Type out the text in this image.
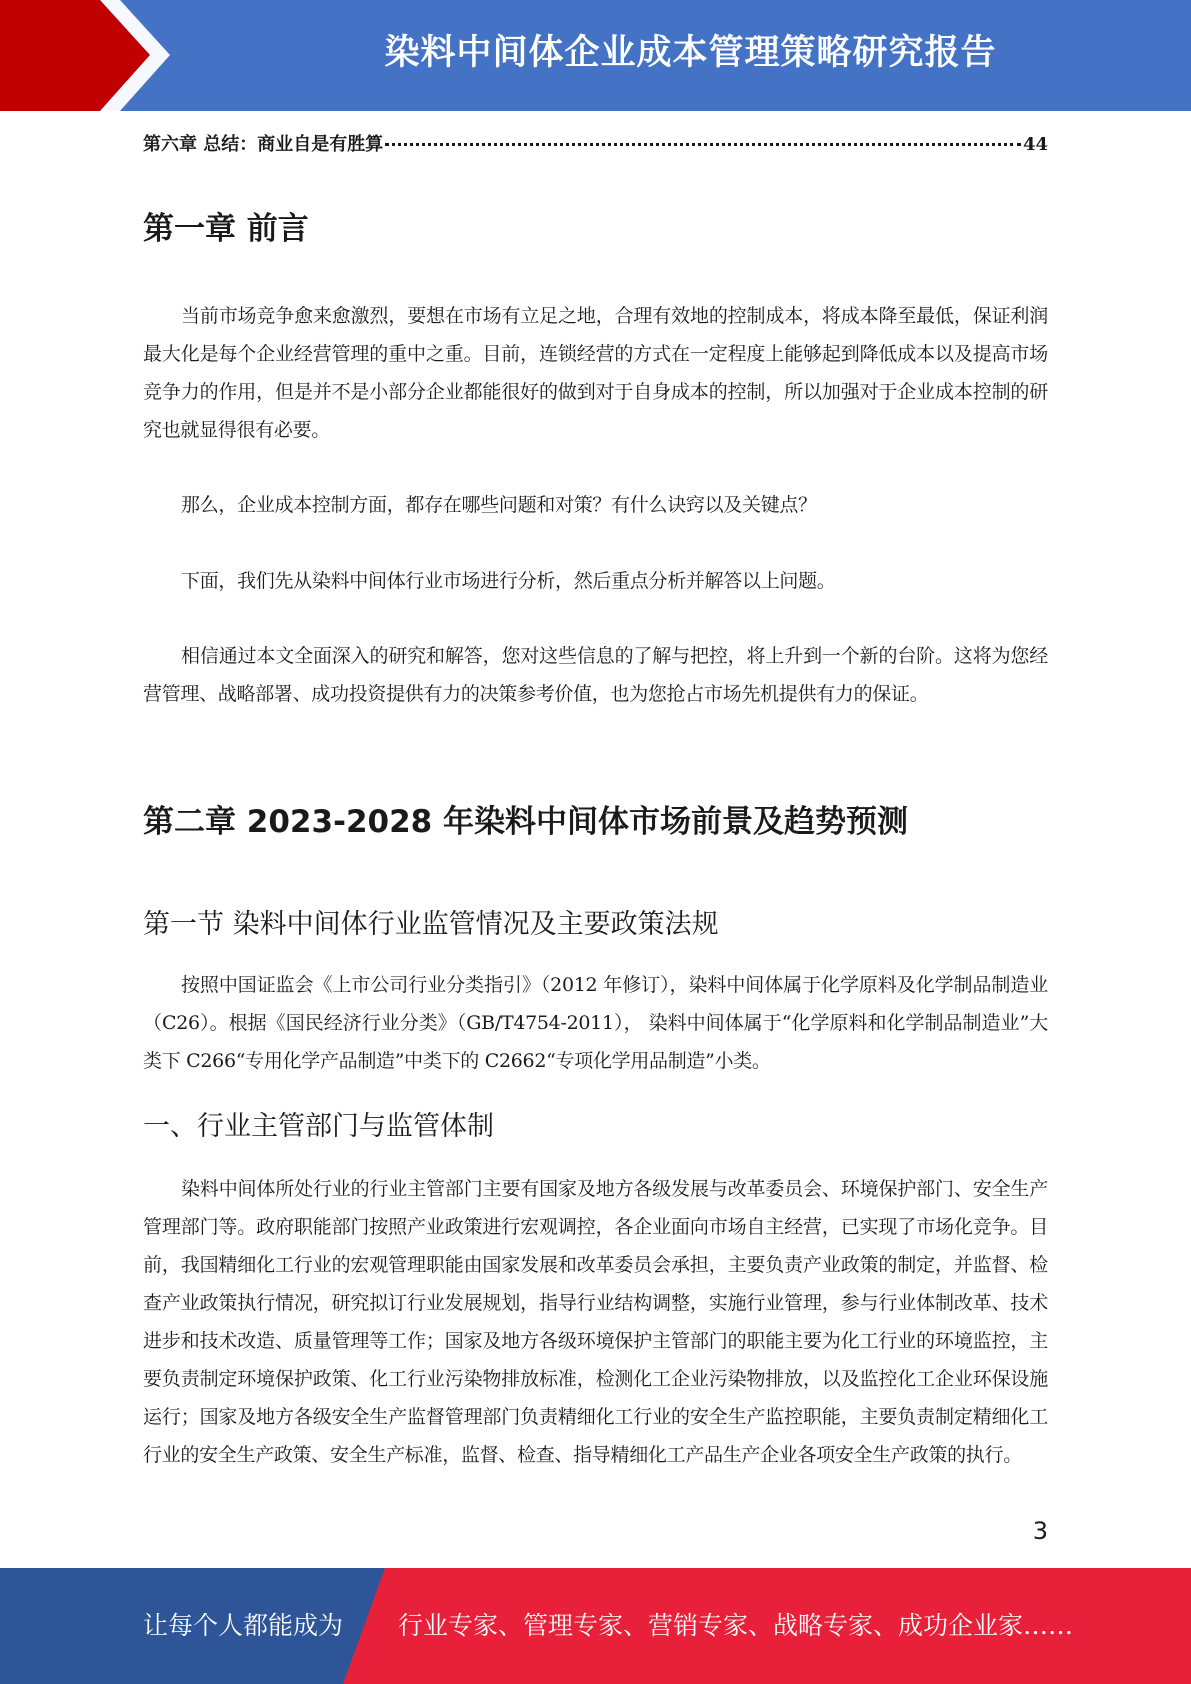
染料中间体企业成本管理策略研究报告
第六章 总结：商业自是有胜算	44
第一章 前言

当前市场竞争愈来愈激烈，要想在市场有立足之地，合理有效地的控制成本，将成本降至最低，保证利润最大化是每个企业经营管理的重中之重。目前，连锁经营的方式在一定程度上能够起到降低成本以及提高市场竞争力的作用，但是并不是小部分企业都能很好的做到对于自身成本的控制，所以加强对于企业成本控制的研究也就显得很有必要。

那么，企业成本控制方面，都存在哪些问题和对策？有什么诀窍以及关键点？

下面，我们先从染料中间体行业市场进行分析，然后重点分析并解答以上问题。

相信通过本文全面深入的研究和解答，您对这些信息的了解与把控，将上升到一个新的台阶。这将为您经营管理、战略部署、成功投资提供有力的决策参考价值，也为您抢占市场先机提供有力的保证。

第二章 2023-2028 年染料中间体市场前景及趋势预测
第一节 染料中间体行业监管情况及主要政策法规

按照中国证监会《上市公司行业分类指引》（2012 年修订），染料中间体属于化学原料及化学制品制造业（C26）。根据《国民经济行业分类》（GB/T4754-2011）， 染料中间体属于“化学原料和化学制品制造业”大类下 C266“专用化学产品制造”中类下的 C2662“专项化学用品制造”小类。

一、行业主管部门与监管体制

染料中间体所处行业的行业主管部门主要有国家及地方各级发展与改革委员会、环境保护部门、安全生产管理部门等。政府职能部门按照产业政策进行宏观调控，各企业面向市场自主经营，已实现了市场化竞争。目前，我国精细化工行业的宏观管理职能由国家发展和改革委员会承担，主要负责产业政策的制定，并监督、检查产业政策执行情况，研究拟订行业发展规划，指导行业结构调整，实施行业管理，参与行业体制改革、技术进步和技术改造、质量管理等工作；国家及地方各级环境保护主管部门的职能主要为化工行业的环境监控，主要负责制定环境保护政策、化工行业污染物排放标准，检测化工企业污染物排放，以及监控化工企业环保设施运行；国家及地方各级安全生产监督管理部门负责精细化工行业的安全生产监控职能，主要负责制定精细化工行业的安全生产政策、安全生产标准，监督、检查、指导精细化工产品生产企业各项安全生产政策的执行。

3
让每个人都能成为 行业专家、管理专家、营销专家、战略专家、成功企业家……
